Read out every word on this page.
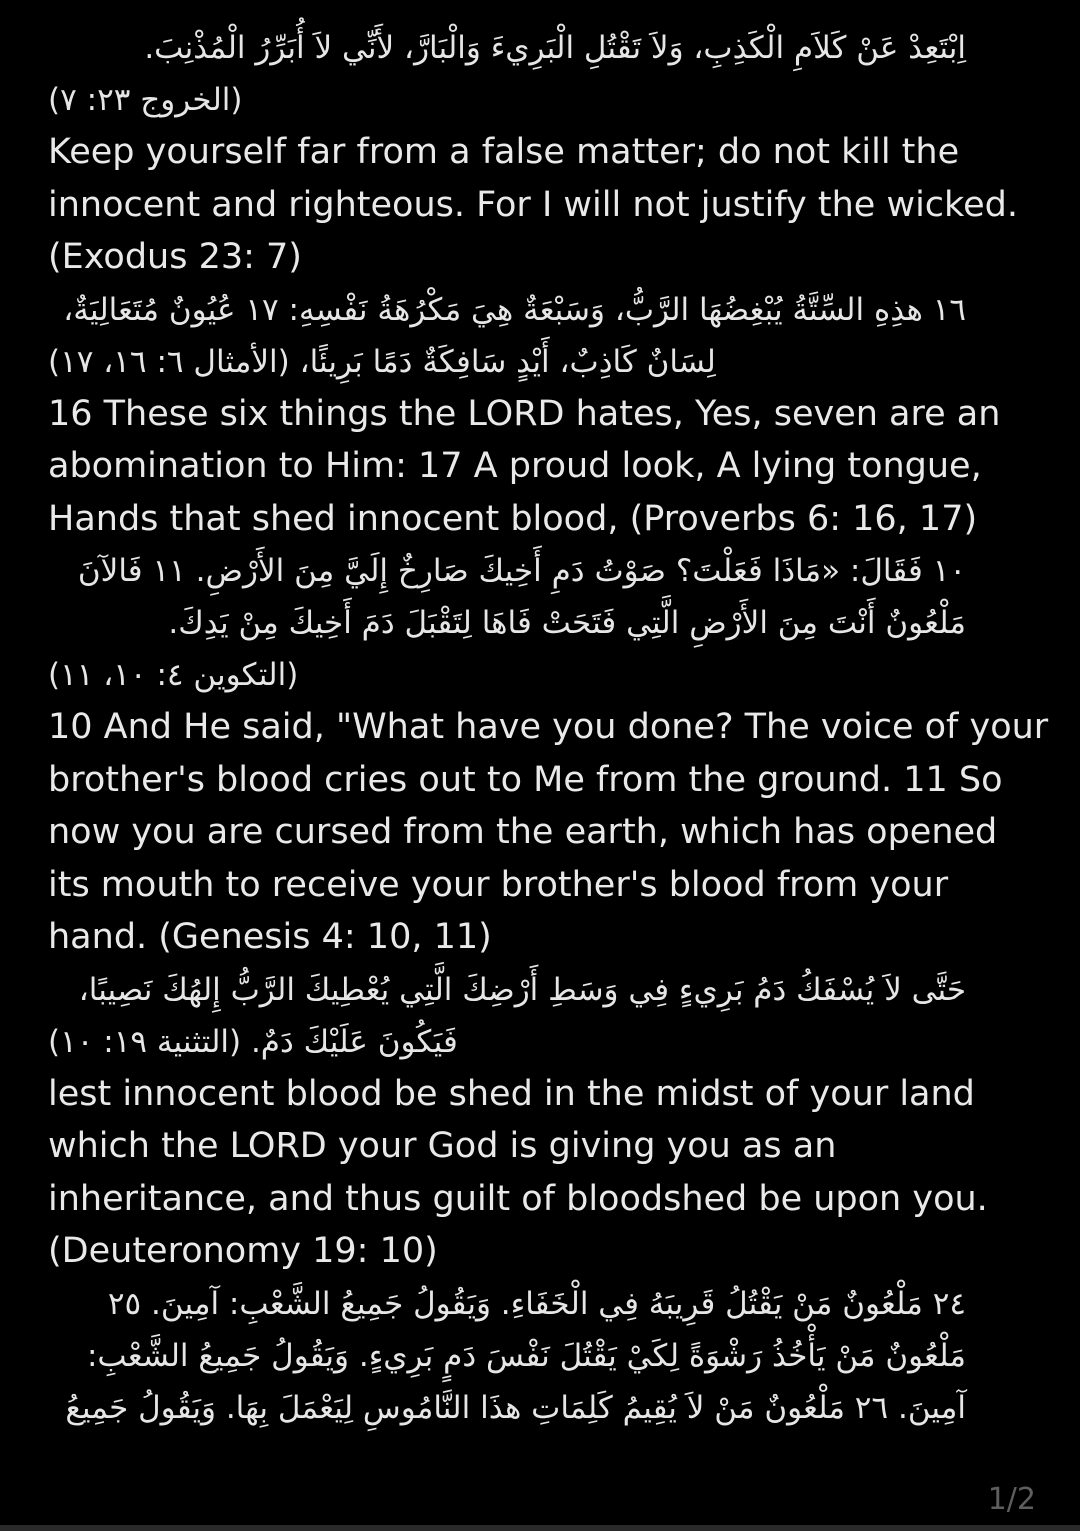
اِبْتَعِدْ عَنْ كَلاَمِ الْكَذِبِ، وَلاَ تَقْتُلِ الْبَرِيءَ وَالْبَارَّ، لأَنِّي لاَ أُبَرِّرُ الْمُذْنِبَ.
(الخروج ٢٣: ٧)
Keep yourself far from a false matter; do not kill the
innocent and righteous. For I will not justify the wicked.
(Exodus 23: 7)
١٦ هذِهِ السِّتَّةُ يُبْغِضُهَا الرَّبُّ، وَسَبْعَةٌ هِيَ مَكْرُهَةُ نَفْسِهِ: ١٧ عُيُونٌ مُتَعَالِيَةٌ،
لِسَانٌ كَاذِبٌ، أَيْدٍ سَافِكَةٌ دَمًا بَرِيئًا، (الأمثال ٦: ١٦، ١٧)
16 These six things the LORD hates, Yes, seven are an
abomination to Him: 17 A proud look, A lying tongue,
Hands that shed innocent blood, (Proverbs 6: 16, 17)
١٠ فَقَالَ: «مَاذَا فَعَلْتَ؟ صَوْتُ دَمِ أَخِيكَ صَارِخٌ إِلَيَّ مِنَ الأَرْضِ. ١١ فَالآنَ
مَلْعُونٌ أَنْتَ مِنَ الأَرْضِ الَّتِي فَتَحَتْ فَاهَا لِتَقْبَلَ دَمَ أَخِيكَ مِنْ يَدِكَ.
(التكوين ٤: ١٠، ١١)
10 And He said, "What have you done? The voice of your
brother's blood cries out to Me from the ground. 11 So
now you are cursed from the earth, which has opened
its mouth to receive your brother's blood from your
hand. (Genesis 4: 10, 11)
حَتَّى لاَ يُسْفَكُ دَمُ بَرِيءٍ فِي وَسَطِ أَرْضِكَ الَّتِي يُعْطِيكَ الرَّبُّ إِلهُكَ نَصِيبًا،
فَيَكُونَ عَلَيْكَ دَمٌ. (التثنية ١٩: ١٠)
lest innocent blood be shed in the midst of your land
which the LORD your God is giving you as an
inheritance, and thus guilt of bloodshed be upon you.
(Deuteronomy 19: 10)
٢٤ مَلْعُونٌ مَنْ يَقْتُلُ قَرِيبَهُ فِي الْخَفَاءِ. وَيَقُولُ جَمِيعُ الشَّعْبِ: آمِينَ. ٢٥
مَلْعُونٌ مَنْ يَأْخُذُ رَشْوَةً لِكَيْ يَقْتُلَ نَفْسَ دَمٍ بَرِيءٍ. وَيَقُولُ جَمِيعُ الشَّعْبِ:
آمِينَ. ٢٦ مَلْعُونٌ مَنْ لاَ يُقِيمُ كَلِمَاتِ هذَا النَّامُوسِ لِيَعْمَلَ بِهَا. وَيَقُولُ جَمِيعُ
1/2
